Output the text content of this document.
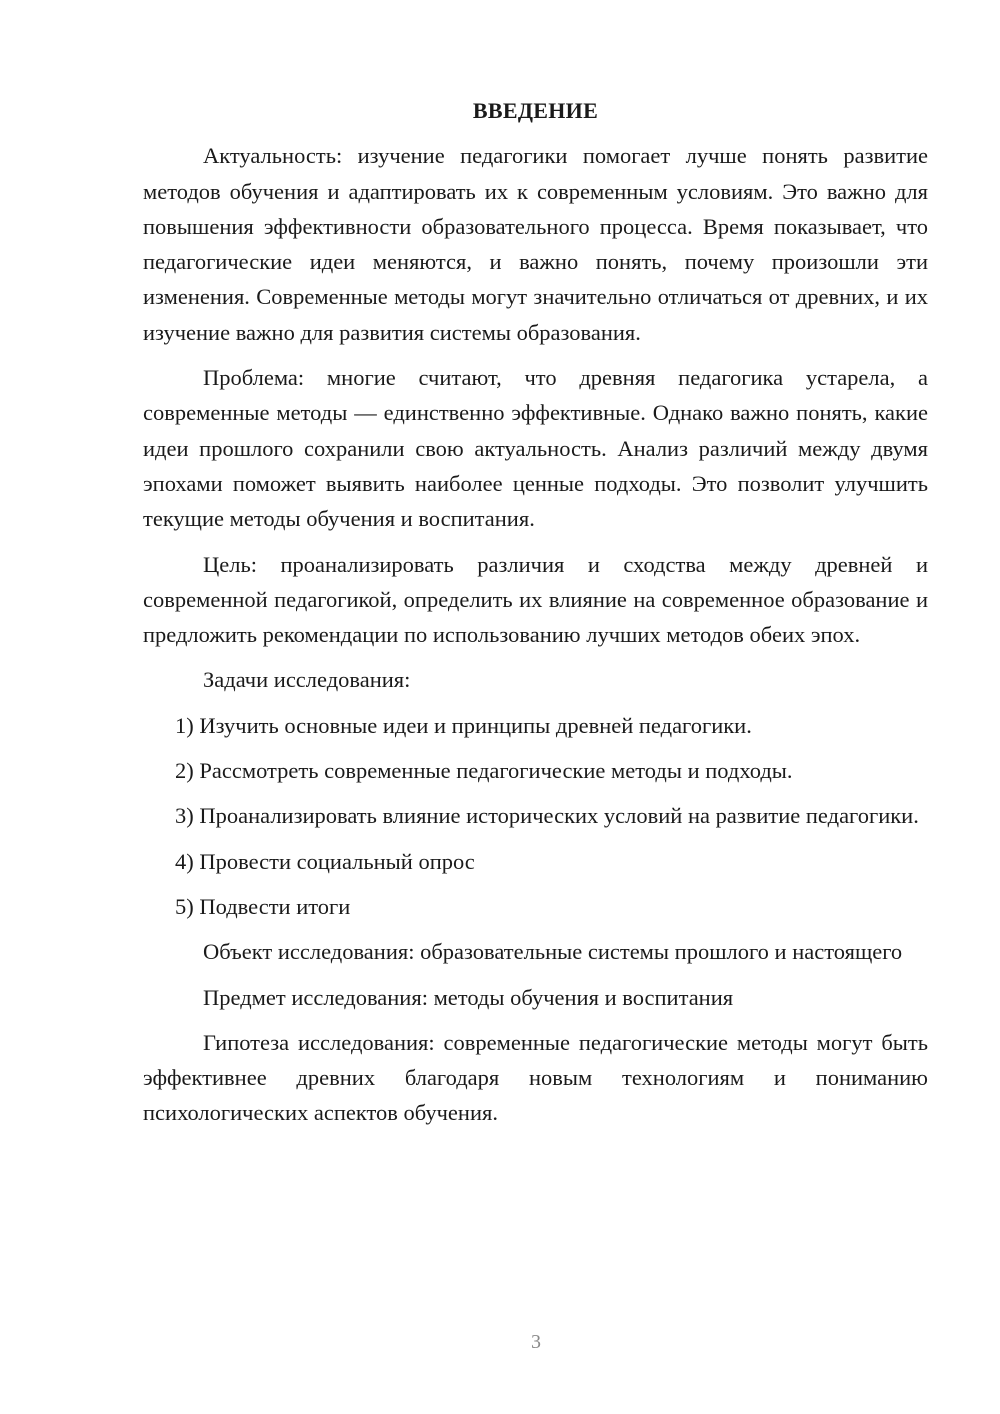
ВВЕДЕНИЕ

Актуальность: изучение педагогики помогает лучше понять развитие методов обучения и адаптировать их к современным условиям. Это важно для повышения эффективности образовательного процесса. Время показывает, что педагогические идеи меняются, и важно понять, почему произошли эти изменения. Современные методы могут значительно отличаться от древних, и их изучение важно для развития системы образования.

Проблема: многие считают, что древняя педагогика устарела, а современные методы — единственно эффективные. Однако важно понять, какие идеи прошлого сохранили свою актуальность. Анализ различий между двумя эпохами поможет выявить наиболее ценные подходы. Это позволит улучшить текущие методы обучения и воспитания.

Цель: проанализировать различия и сходства между древней и современной педагогикой, определить их влияние на современное образование и предложить рекомендации по использованию лучших методов обеих эпох.

Задачи исследования:

1) Изучить основные идеи и принципы древней педагогики.

2) Рассмотреть современные педагогические методы и подходы.

3) Проанализировать влияние исторических условий на развитие педагогики.

4) Провести социальный опрос

5) Подвести итоги

Объект исследования: образовательные системы прошлого и настоящего

Предмет исследования: методы обучения и воспитания

Гипотеза исследования: современные педагогические методы могут быть эффективнее древних благодаря новым технологиям и пониманию психологических аспектов обучения.

3
